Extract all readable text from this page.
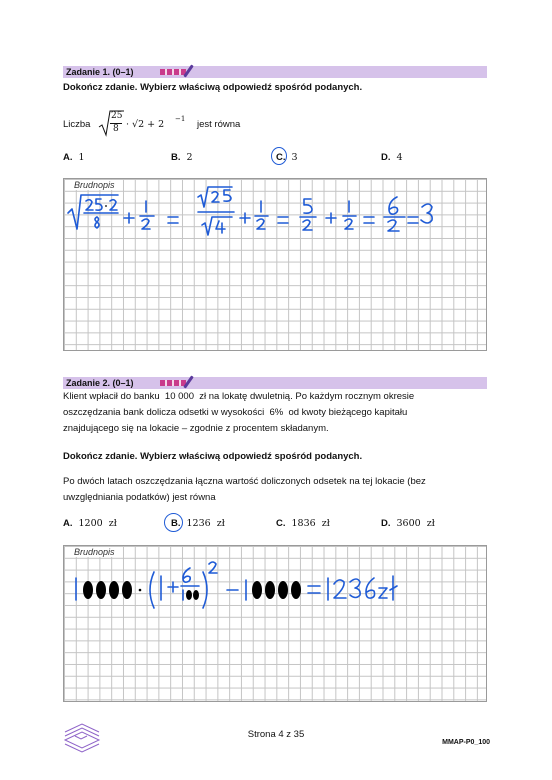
Zadanie 1. (0–1)
Dokończ zdanie. Wybierz właściwą odpowiedź spośród podanych.
Liczba
25
8 · √2 + 2 −1 jest równa
A. 1	B. 2	C. 3	D. 4
Brudnopis
Zadanie 2. (0–1)
Klient wpłacił do banku  10 000  zł na lokatę dwuletnią. Po każdym rocznym okresie
oszczędzania bank dolicza odsetki w wysokości  6%  od kwoty bieżącego kapitału
znajdującego się na lokacie – zgodnie z procentem składanym.
Dokończ zdanie. Wybierz właściwą odpowiedź spośród podanych.
Po dwóch latach oszczędzania łączna wartość doliczonych odsetek na tej lokacie (bez
uwzględniania podatków) jest równa
A. 1200  zł	B. 1236  zł	C. 1836  zł	D. 3600  zł
Brudnopis
Strona 4 z 35
MMAP-P0_100
